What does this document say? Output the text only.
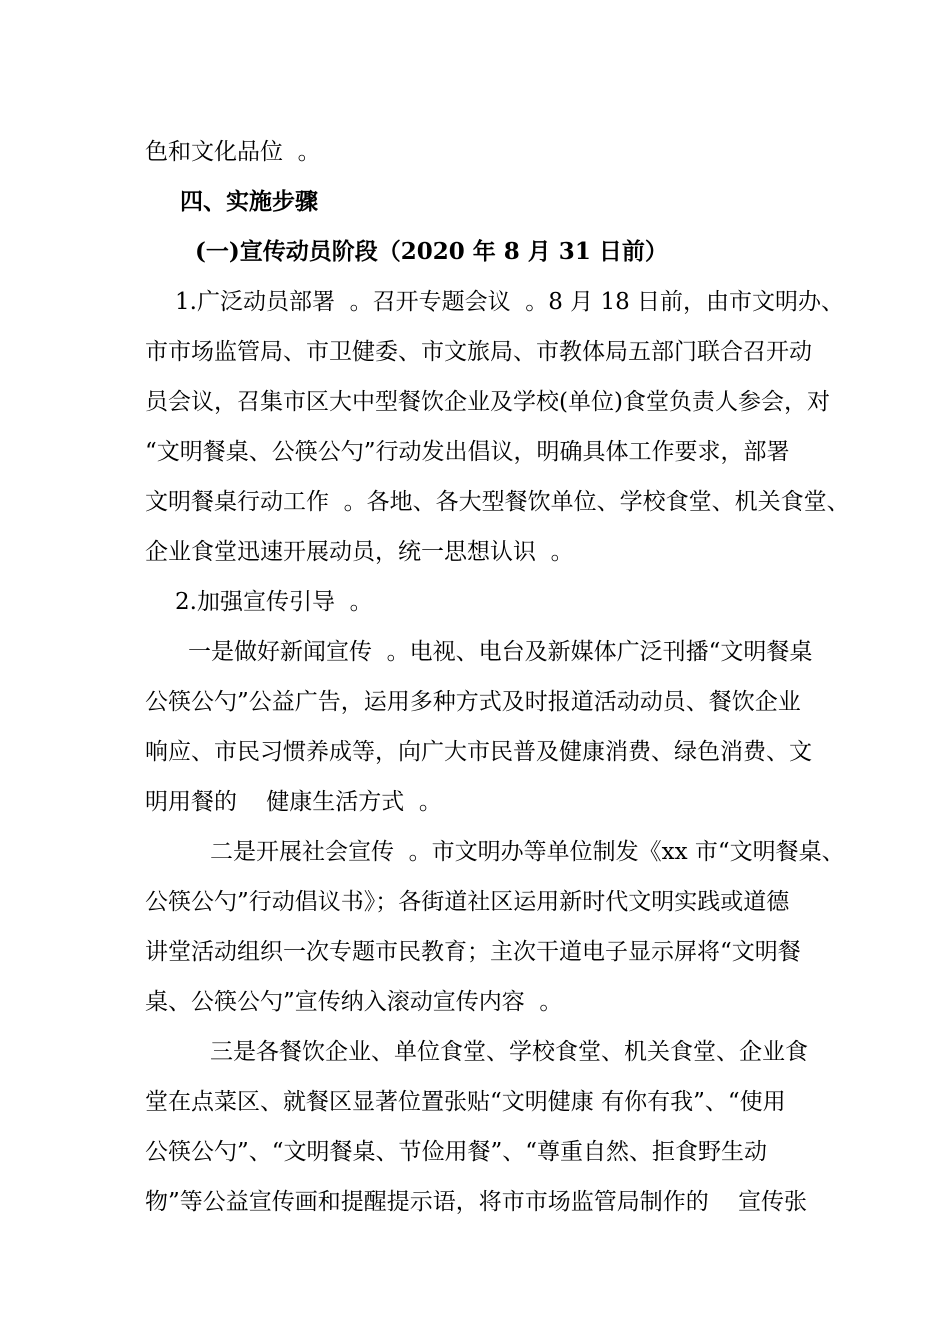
色和文化品位  。
四、实施步骤
(一)宣传动员阶段（2020 年 8 月 31 日前）
1.广泛动员部署  。召开专题会议  。8 月 18 日前，由市文明办、
市市场监管局、市卫健委、市文旅局、市教体局五部门联合召开动
员会议，召集市区大中型餐饮企业及学校(单位)食堂负责人参会，对
“文明餐桌、公筷公勺”行动发出倡议，明确具体工作要求，部署
文明餐桌行动工作  。各地、各大型餐饮单位、学校食堂、机关食堂、
企业食堂迅速开展动员，统一思想认识  。
2.加强宣传引导  。
一是做好新闻宣传  。电视、电台及新媒体广泛刊播“文明餐桌
公筷公勺”公益广告，运用多种方式及时报道活动动员、餐饮企业
响应、市民习惯养成等，向广大市民普及健康消费、绿色消费、文
明用餐的    健康生活方式  。
二是开展社会宣传  。市文明办等单位制发《xx 市“文明餐桌、
公筷公勺”行动倡议书》；各街道社区运用新时代文明实践或道德
讲堂活动组织一次专题市民教育；主次干道电子显示屏将“文明餐
桌、公筷公勺”宣传纳入滚动宣传内容  。
三是各餐饮企业、单位食堂、学校食堂、机关食堂、企业食
堂在点菜区、就餐区显著位置张贴“文明健康 有你有我”、“使用
公筷公勺”、“文明餐桌、节俭用餐”、“尊重自然、拒食野生动
物”等公益宣传画和提醒提示语，将市市场监管局制作的    宣传张
